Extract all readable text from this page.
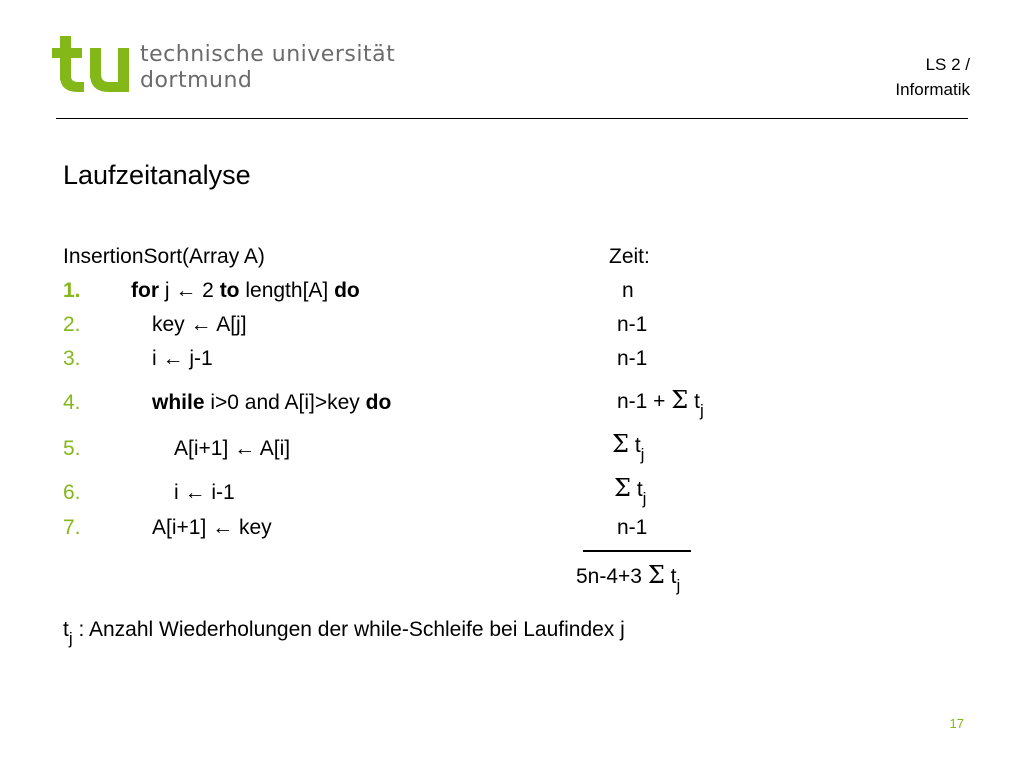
technische universität
dortmund
LS 2 /
Informatik
Laufzeitanalyse
InsertionSort(Array A)	Zeit:
1. for j ← 2 to length[A] do	n
2.	key ← A[j]	n-1
3.	i ← j-1	n-1
4.	while i>0 and A[i]>key do	n-1 + Σ $t_j$
5.	A[i+1] ← A[i]	Σ $t_j$
6.	i ← i-1	Σ $t_j$
7.	A[i+1] ← key	n-1
5n-4+3 Σ $t_j$
$t_j$ : Anzahl Wiederholungen der while-Schleife bei Laufindex j
17
